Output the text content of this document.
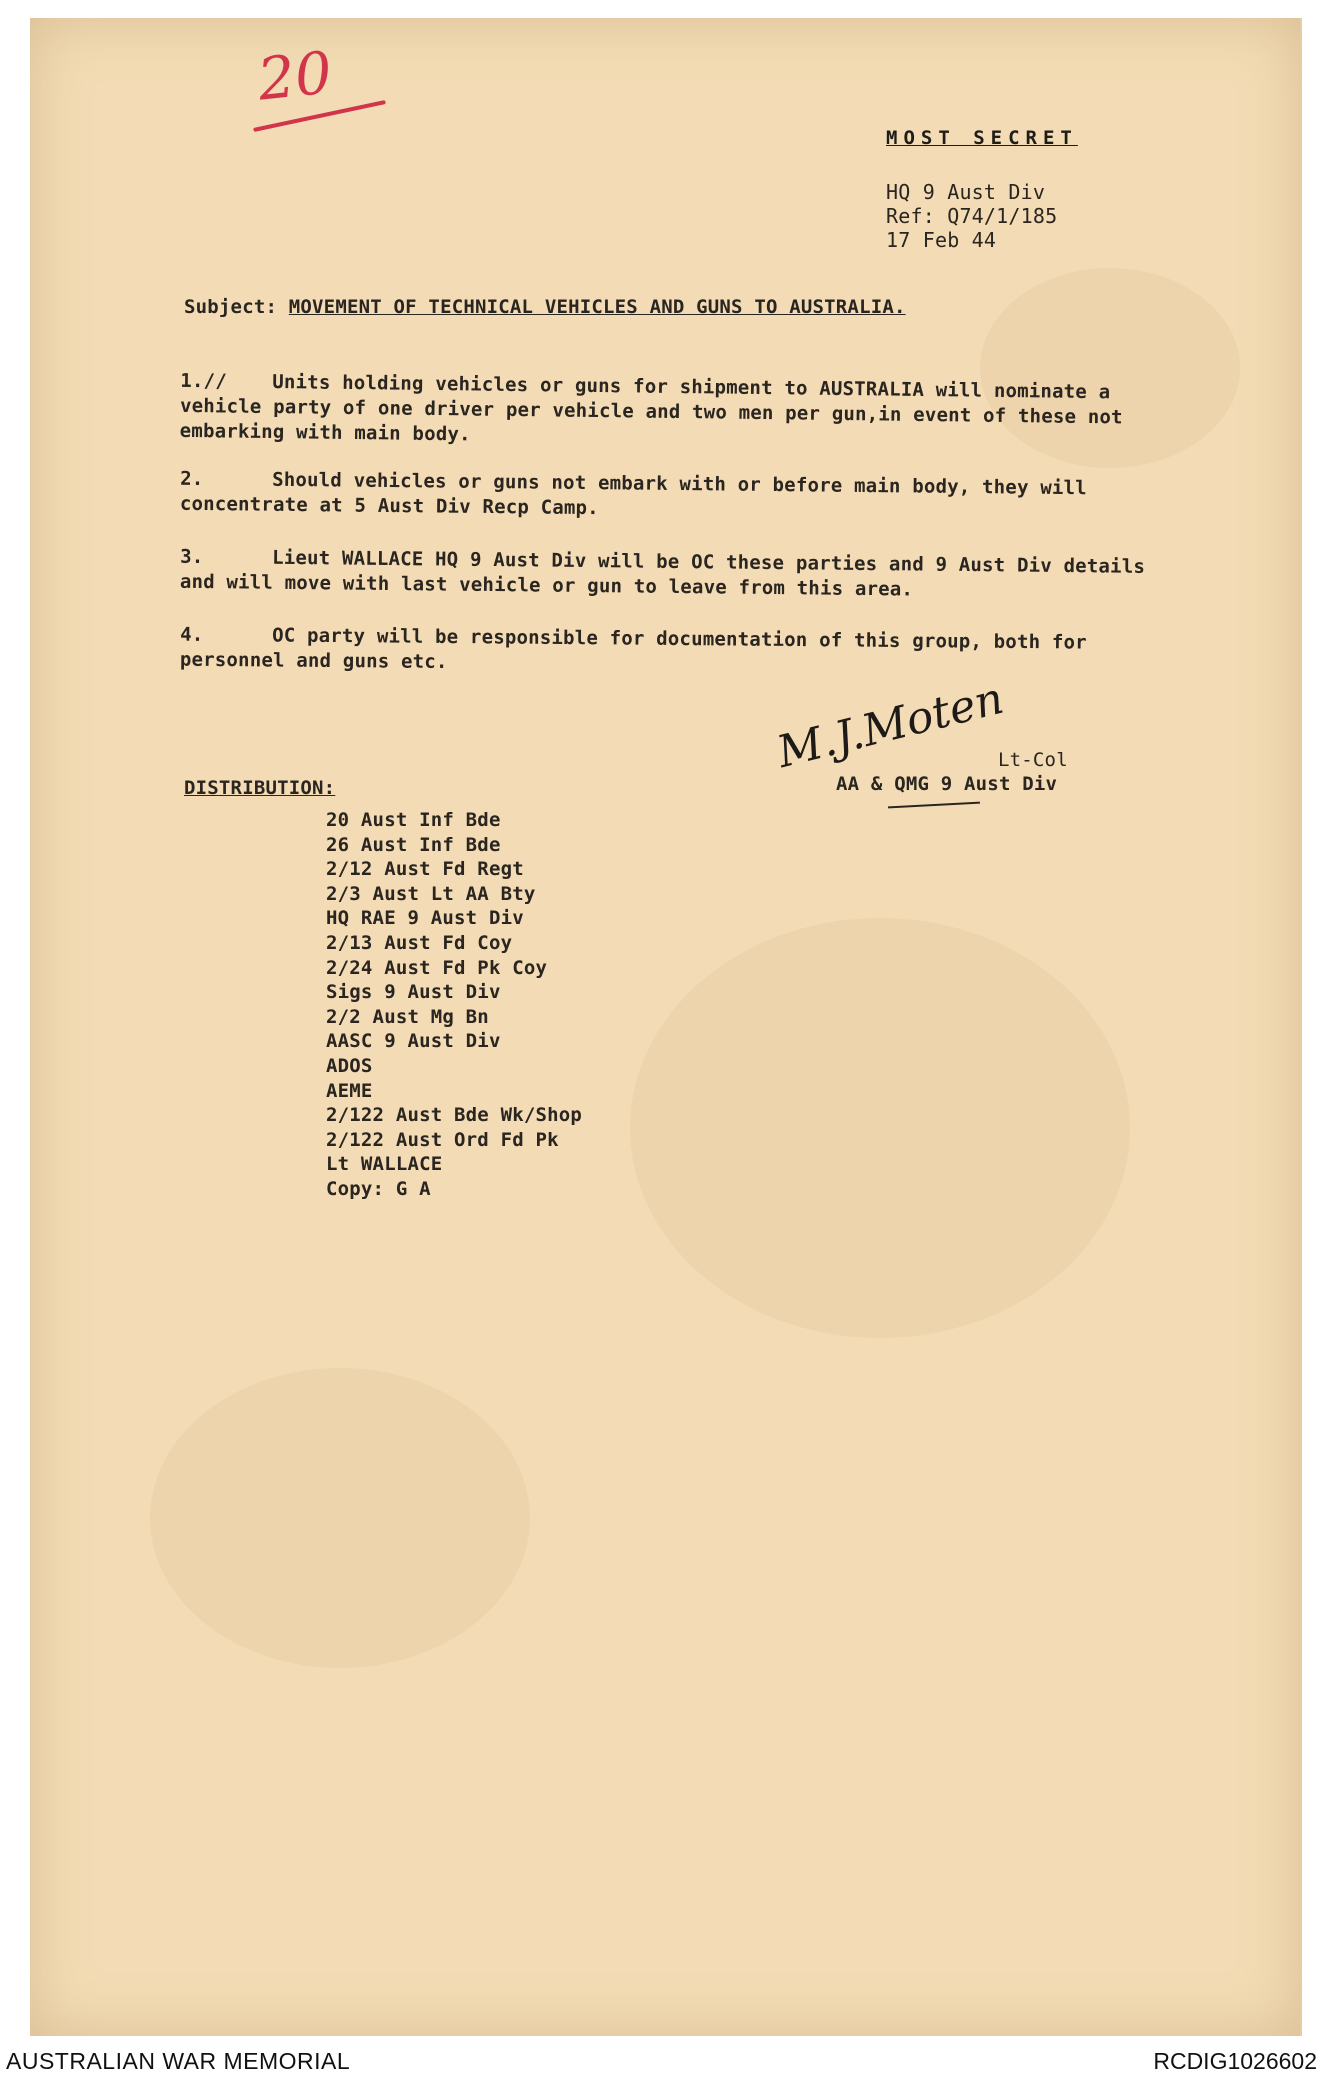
20
MOST SECRET
HQ 9 Aust Div
Ref: Q74/1/185
17 Feb 44
Subject: MOVEMENT OF TECHNICAL VEHICLES AND GUNS TO AUSTRALIA.
1.// Units holding vehicles or guns for shipment to AUSTRALIA will nominate a vehicle party of one driver per vehicle and two men per gun,in event of these not embarking with main body.
2.	Should vehicles or guns not embark with or before main body, they will concentrate at 5 Aust Div Recp Camp.
3.	Lieut WALLACE HQ 9 Aust Div will be OC these parties and 9 Aust Div details and will move with last vehicle or gun to leave from this area.
4.	OC party will be responsible for documentation of this group, both for personnel and guns etc.
M.J.Moten
Lt-Col
AA & QMG 9 Aust Div
DISTRIBUTION:
20 Aust Inf Bde
26 Aust Inf Bde
2/12 Aust Fd Regt
2/3 Aust Lt AA Bty
HQ RAE 9 Aust Div
2/13 Aust Fd Coy
2/24 Aust Fd Pk Coy
Sigs 9 Aust Div
2/2 Aust Mg Bn
AASC 9 Aust Div
ADOS
AEME
2/122 Aust Bde Wk/Shop
2/122 Aust Ord Fd Pk
Lt WALLACE
Copy: G A
AUSTRALIAN WAR MEMORIAL	RCDIG1026602
